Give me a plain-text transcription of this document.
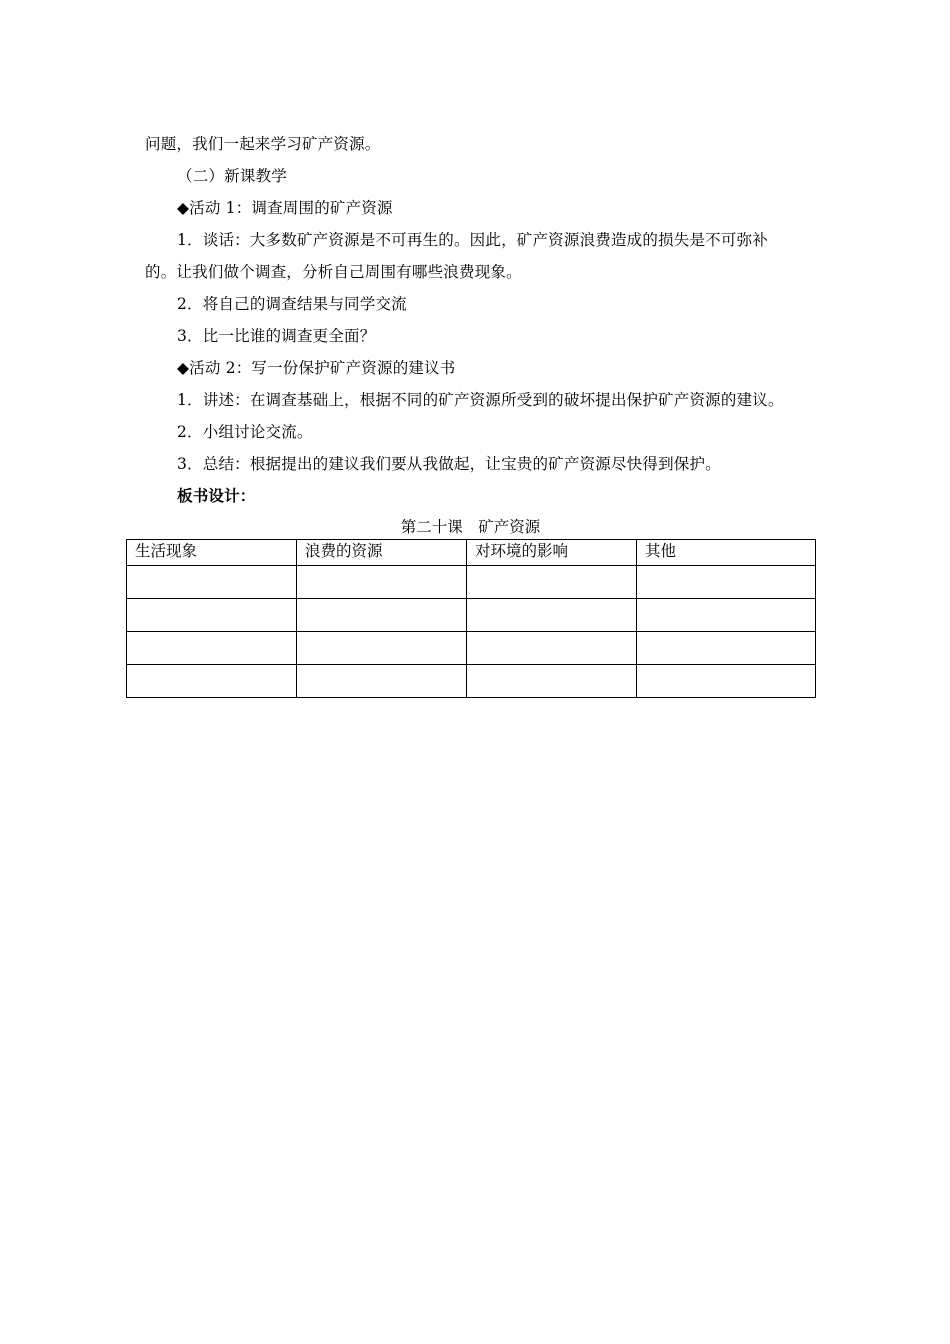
问题，我们一起来学习矿产资源。
（二）新课教学
◆活动 1：调查周围的矿产资源
1．谈话：大多数矿产资源是不可再生的。因此，矿产资源浪费造成的损失是不可弥补
的。让我们做个调查，分析自己周围有哪些浪费现象。
2．将自己的调查结果与同学交流
3．比一比谁的调查更全面？
◆活动 2：写一份保护矿产资源的建议书
1．讲述：在调查基础上，根据不同的矿产资源所受到的破坏提出保护矿产资源的建议。
2．小组讨论交流。
3．总结：根据提出的建议我们要从我做起，让宝贵的矿产资源尽快得到保护。
板书设计：
第二十课　矿产资源
生活现象	浪费的资源	对环境的影响	其他
